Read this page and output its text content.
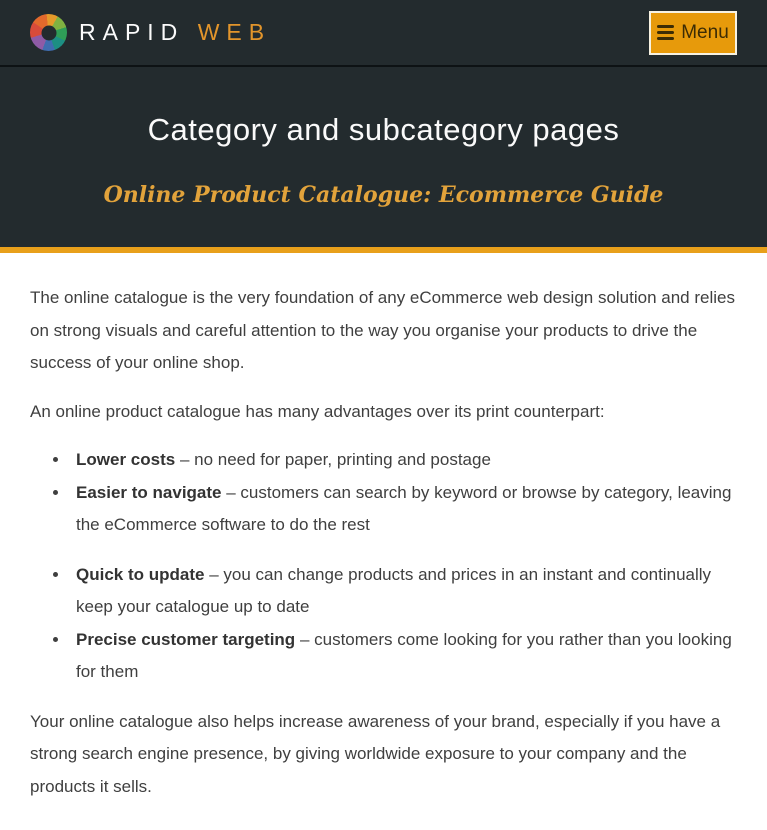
RAPID WEB	Menu
Category and subcategory pages
Online Product Catalogue: Ecommerce Guide

The online catalogue is the very foundation of any eCommerce web design solution and relies on strong visuals and careful attention to the way you organise your products to drive the success of your online shop.

An online product catalogue has many advantages over its print counterpart:

• Lower costs – no need for paper, printing and postage
• Easier to navigate – customers can search by keyword or browse by category, leaving the eCommerce software to do the rest
• Quick to update – you can change products and prices in an instant and continually keep your catalogue up to date
• Precise customer targeting – customers come looking for you rather than you looking for them

Your online catalogue also helps increase awareness of your brand, especially if you have a strong search engine presence, by giving worldwide exposure to your company and the products it sells.
